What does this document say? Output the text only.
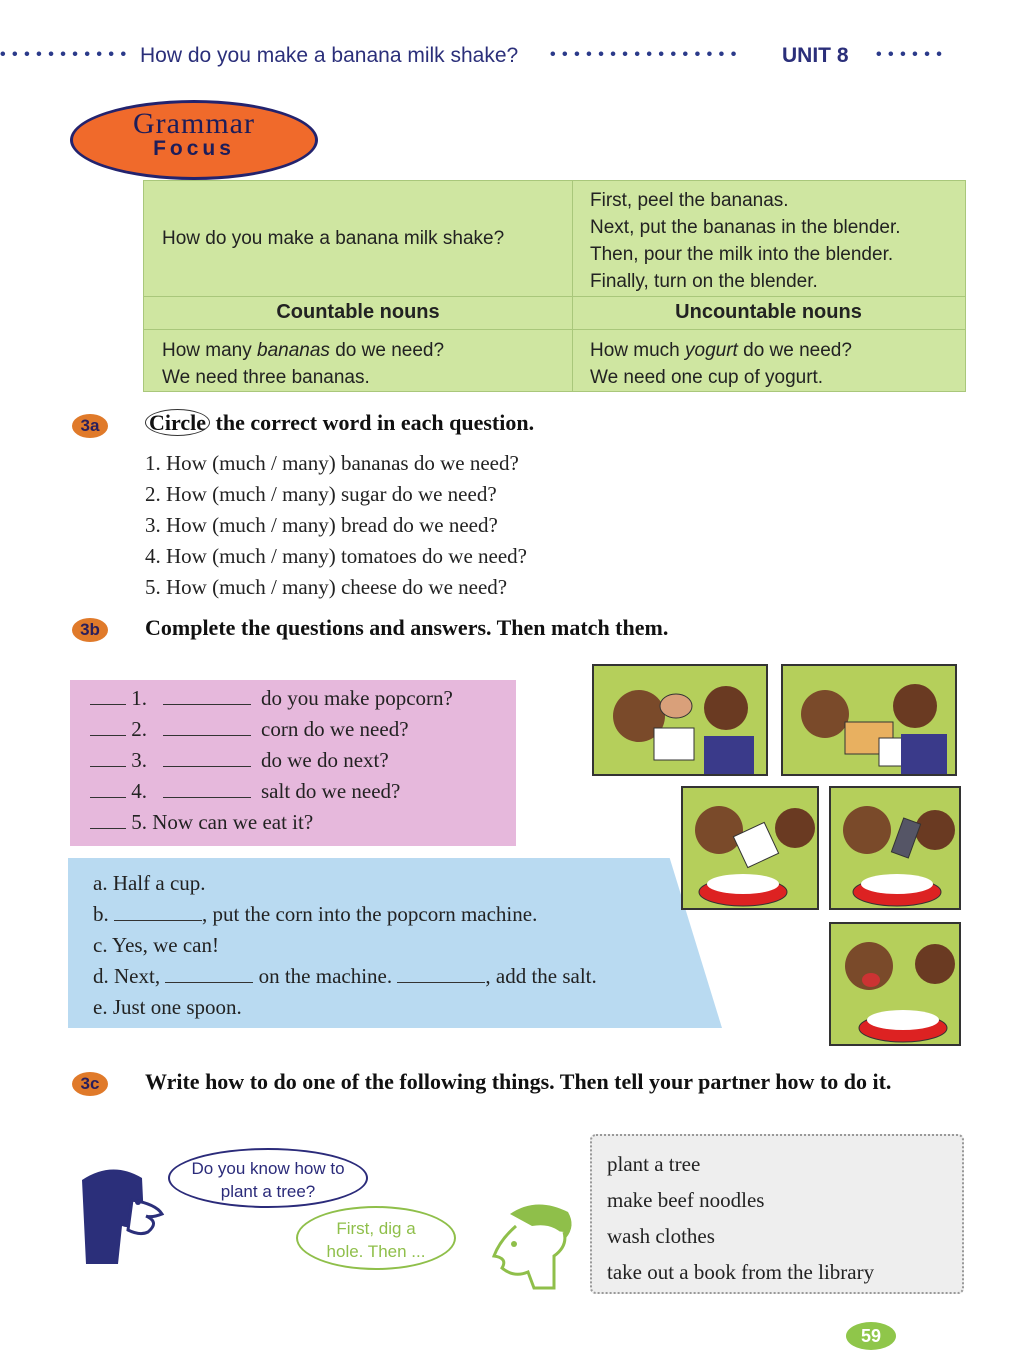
• • • • • • • • • • • How do you make a banana milk shake? • • • • • • • • • • • • • • • • UNIT 8 • • • • • •
Grammar
Focus
How do you make a banana milk shake?
First, peel the bananas.
Next, put the bananas in the blender.
Then, pour the milk into the blender.
Finally, turn on the blender.
Countable nouns	Uncountable nouns
How many bananas do we need?
We need three bananas.
How much yogurt do we need?
We need one cup of yogurt.
3a	Circle the correct word in each question.
1. How (much / many) bananas do we need?
2. How (much / many) sugar do we need?
3. How (much / many) bread do we need?
4. How (much / many) tomatoes do we need?
5. How (much / many) cheese do we need?
3b	Complete the questions and answers. Then match them.
1.	do you make popcorn?
2.	corn do we need?
3.	do we do next?
4.	salt do we need?
5. Now can we eat it?
a. Half a cup.
b.	, put the corn into the popcorn machine.
c. Yes, we can!
d. Next,	on the machine.	, add the salt.
e. Just one spoon.
3c	Write how to do one of the following things. Then tell your partner how to do it.
Do you know how to
plant a tree?
First, dig a
hole. Then ...
plant a tree
make beef noodles
wash clothes
take out a book from the library
59
